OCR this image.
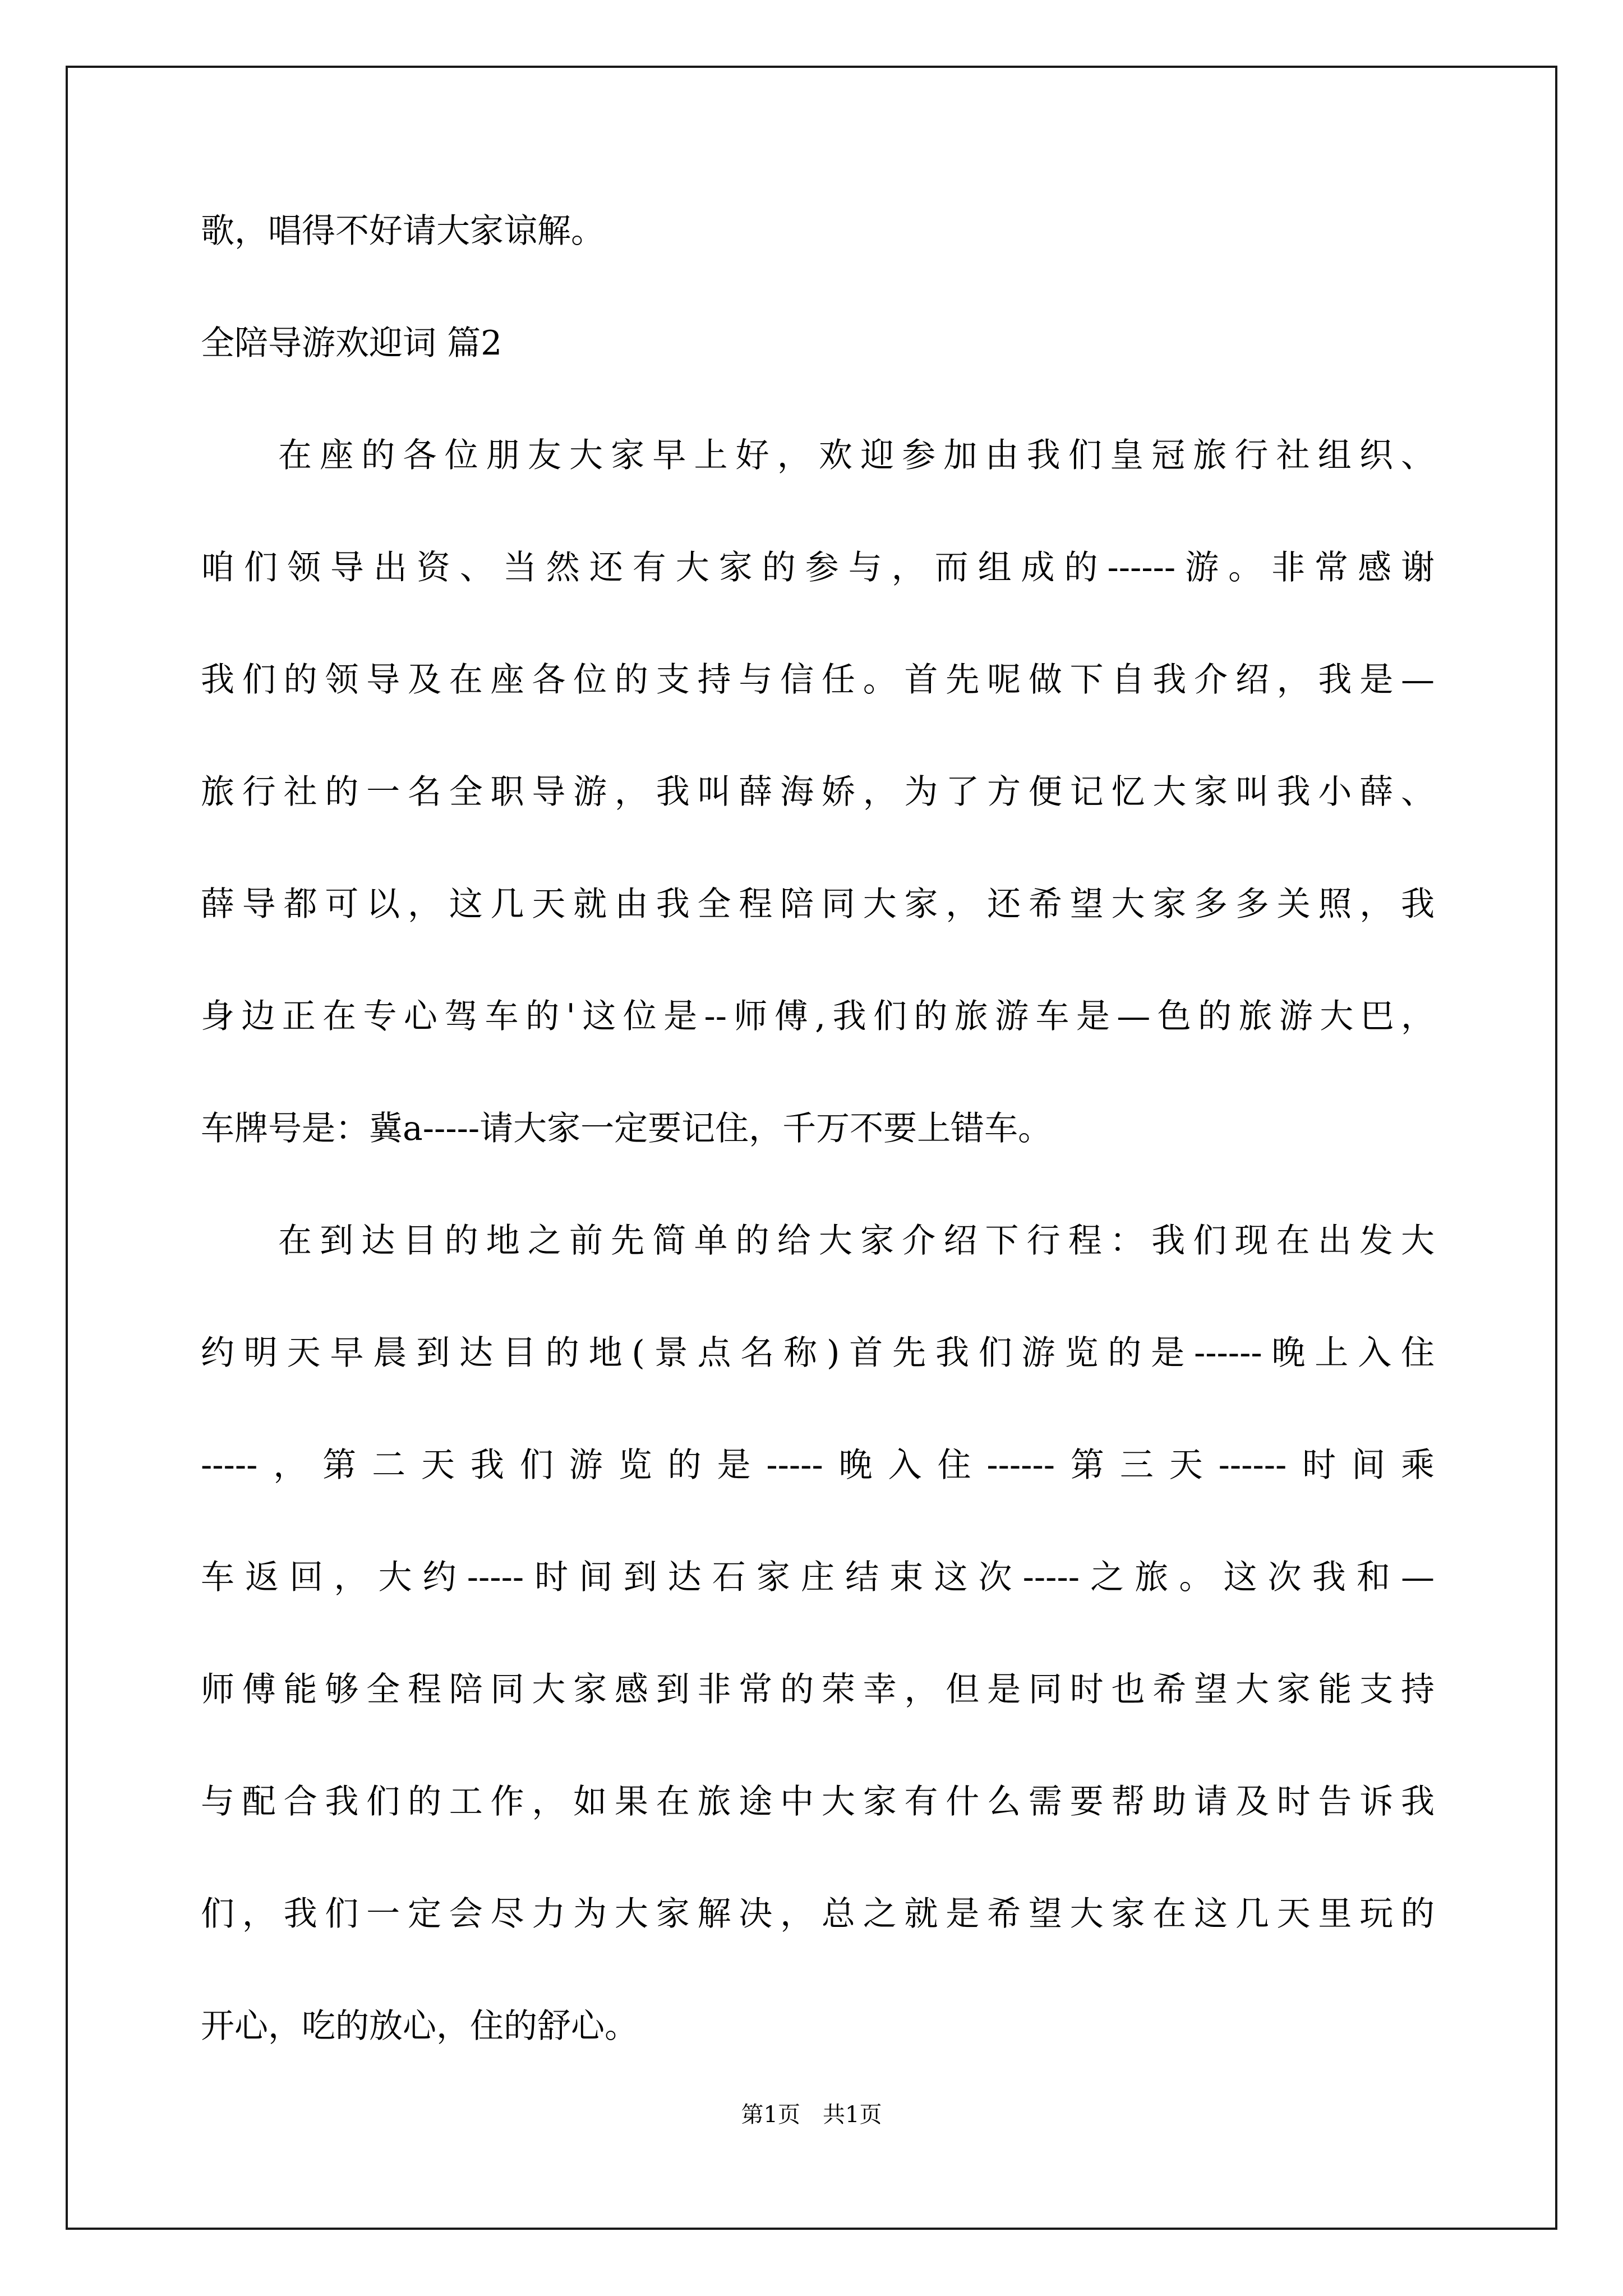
歌，唱得不好请大家谅解。
全陪导游欢迎词 篇2
在座的各位朋友大家早上好，欢迎参加由我们皇冠旅行社组织、
咱们领导出资、当然还有大家的参与，而组成的------游。非常感谢
我们的领导及在座各位的支持与信任。首先呢做下自我介绍，我是—
旅行社的一名全职导游，我叫薛海娇，为了方便记忆大家叫我小薛、
薛导都可以，这几天就由我全程陪同大家，还希望大家多多关照，我
身边正在专心驾车的'这位是--师傅,我们的旅游车是—色的旅游大巴，
车牌号是：冀a-----请大家一定要记住，千万不要上错车。
在到达目的地之前先简单的给大家介绍下行程：我们现在出发大
约明天早晨到达目的地(景点名称)首先我们游览的是------晚上入住
-----，第二天我们游览的是-----晚入住------第三天------时间乘
车返回，大约-----时间到达石家庄结束这次-----之旅。这次我和—
师傅能够全程陪同大家感到非常的荣幸，但是同时也希望大家能支持
与配合我们的工作，如果在旅途中大家有什么需要帮助请及时告诉我
们，我们一定会尽力为大家解决，总之就是希望大家在这几天里玩的
开心，吃的放心，住的舒心。
第1页 共1页
